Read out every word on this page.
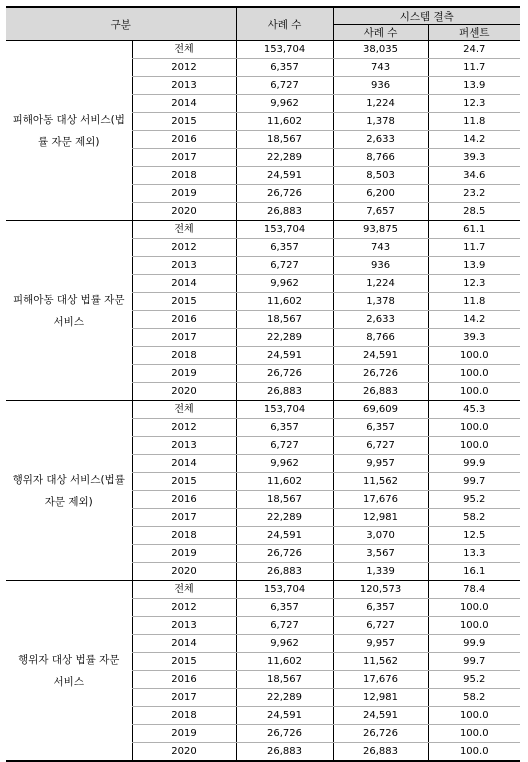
구분		사례 수	시스템 결측	
			사례 수	퍼센트
피해아동 대상 서비스(법률 자문 제외)	전체	153,704	38,035	24.7
	2012	6,357	743	11.7
	2013	6,727	936	13.9
	2014	9,962	1,224	12.3
	2015	11,602	1,378	11.8
	2016	18,567	2,633	14.2
	2017	22,289	8,766	39.3
	2018	24,591	8,503	34.6
	2019	26,726	6,200	23.2
	2020	26,883	7,657	28.5
피해아동 대상 법률 자문 서비스	전체	153,704	93,875	61.1
	2012	6,357	743	11.7
	2013	6,727	936	13.9
	2014	9,962	1,224	12.3
	2015	11,602	1,378	11.8
	2016	18,567	2,633	14.2
	2017	22,289	8,766	39.3
	2018	24,591	24,591	100.0
	2019	26,726	26,726	100.0
	2020	26,883	26,883	100.0
행위자 대상 서비스(법률 자문 제외)	전체	153,704	69,609	45.3
	2012	6,357	6,357	100.0
	2013	6,727	6,727	100.0
	2014	9,962	9,957	99.9
	2015	11,602	11,562	99.7
	2016	18,567	17,676	95.2
	2017	22,289	12,981	58.2
	2018	24,591	3,070	12.5
	2019	26,726	3,567	13.3
	2020	26,883	1,339	16.1
행위자 대상 법률 자문 서비스	전체	153,704	120,573	78.4
	2012	6,357	6,357	100.0
	2013	6,727	6,727	100.0
	2014	9,962	9,957	99.9
	2015	11,602	11,562	99.7
	2016	18,567	17,676	95.2
	2017	22,289	12,981	58.2
	2018	24,591	24,591	100.0
	2019	26,726	26,726	100.0
	2020	26,883	26,883	100.0
